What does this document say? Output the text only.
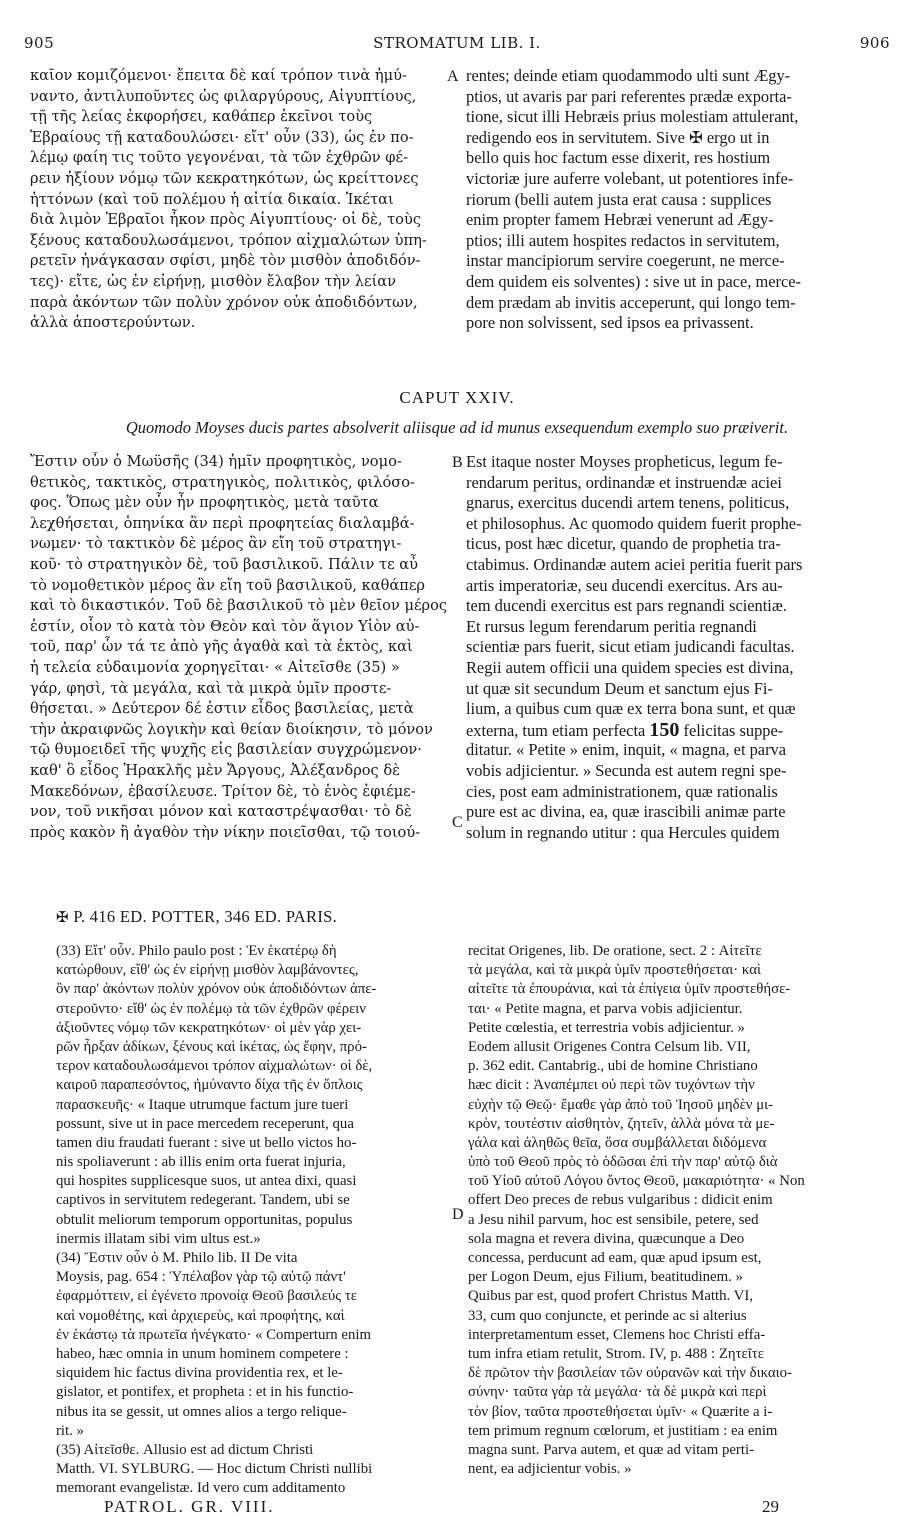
905	STROMATUM LIB. I.	906
καῖον κομιζόμενοι· ἔπειτα δὲ καί τρόπον τινὰ ἠμύ-
ναντο, ἀντιλυποῦντες ὡς φιλαργύρους, Αἰγυπτίους,
τῇ τῆς λείας ἐκφορήσει, καθάπερ ἐκεῖνοι τοὺς
Ἑβραίους τῇ καταδουλώσει· εἴτ' οὖν (33), ὡς ἐν πο-
λέμῳ φαίη τις τοῦτο γεγονέναι, τὰ τῶν ἐχθρῶν φέ-
ρειν ἠξίουν νόμῳ τῶν κεκρατηκότων, ὡς κρείττονες
ἡττόνων (καὶ τοῦ πολέμου ἡ αἰτία δικαία. Ἱκέται
διὰ λιμὸν Ἑβραῖοι ἧκον πρὸς Αἰγυπτίους· οἱ δὲ, τοὺς
ξένους καταδουλωσάμενοι, τρόπον αἰχμαλώτων ὑπη-
ρετεῖν ἠνάγκασαν σφίσι, μηδὲ τὸν μισθὸν ἀποδιδόν-
τες)· εἴτε, ὡς ἐν εἰρήνῃ, μισθὸν ἔλαβον τὴν λείαν
παρὰ ἀκόντων τῶν πολὺν χρόνον οὐκ ἀποδιδόντων,
ἀλλὰ ἀποστερούντων.
A rentes; deinde etiam quodammodo ulti sunt Ægy-
ptios, ut avaris par pari referentes prædæ exporta-
tione, sicut illi Hebræis prius molestiam attulerant,
redigendo eos in servitutem. Sive ✠ ergo ut in
bello quis hoc factum esse dixerit, res hostium
victoriæ jure auferre volebant, ut potentiores infe-
riorum (belli autem justa erat causa : supplices
enim propter famem Hebræi venerunt ad Ægy-
ptios; illi autem hospites redactos in servitutem,
instar mancipiorum servire coegerunt, ne merce-
dem quidem eis solventes) : sive ut in pace, merce-
dem prædam ab invitis acceperunt, qui longo tem-
pore non solvissent, sed ipsos ea privassent.
CAPUT XXIV.
Quomodo Moyses ducis partes absolverit aliisque ad id munus exsequendum exemplo suo præiverit.
Ἔστιν οὖν ὁ Μωϋσῆς (34) ἡμῖν προφητικὸς, νομο-
θετικὸς, τακτικὸς, στρατηγικὸς, πολιτικὸς, φιλόσο-
φος. Ὅπως μὲν οὖν ἦν προφητικὸς, μετὰ ταῦτα
λεχθήσεται, ὁπηνίκα ἂν περὶ προφητείας διαλαμβά-
νωμεν· τὸ τακτικὸν δὲ μέρος ἂν εἴη τοῦ στρατηγι-
κοῦ· τὸ στρατηγικὸν δὲ, τοῦ βασιλικοῦ. Πάλιν τε αὖ
τὸ νομοθετικὸν μέρος ἂν εἴη τοῦ βασιλικοῦ, καθάπερ
καὶ τὸ δικαστικόν. Τοῦ δὲ βασιλικοῦ τὸ μὲν θεῖον μέρος
ἐστίν, οἷον τὸ κατὰ τὸν Θεὸν καὶ τὸν ἅγιον Υἱὸν αὐ-
τοῦ, παρ' ὧν τά τε ἀπὸ γῆς ἀγαθὰ καὶ τὰ ἐκτὸς, καὶ
ἡ τελεία εὐδαιμονία χορηγεῖται· « Αἰτεῖσθε (35) »
γάρ, φησὶ, τὰ μεγάλα, καὶ τὰ μικρὰ ὑμῖν προστε-
θήσεται. » Δεύτερον δέ ἐστιν εἶδος βασιλείας, μετὰ
τὴν ἀκραιφνῶς λογικὴν καὶ θείαν διοίκησιν, τὸ μόνον
τῷ θυμοειδεῖ τῆς ψυχῆς εἰς βασιλείαν συγχρώμενον·
καθ' ὃ εἶδος Ἡρακλῆς μὲν Ἄργους, Ἀλέξανδρος δὲ
Μακεδόνων, ἐβασίλευσε. Τρίτον δὲ, τὸ ἑνὸς ἐφιέμε-
νον, τοῦ νικῆσαι μόνον καὶ καταστρέψασθαι· τὸ δὲ
πρὸς κακὸν ἢ ἀγαθὸν τὴν νίκην ποιεῖσθαι, τῷ τοιού-
B
C
Est itaque noster Moyses propheticus, legum fe-
rendarum peritus, ordinandæ et instruendæ aciei
gnarus, exercitus ducendi artem tenens, politicus,
et philosophus. Ac quomodo quidem fuerit prophe-
ticus, post hæc dicetur, quando de prophetia tra-
ctabimus. Ordinandæ autem aciei peritia fuerit pars
artis imperatoriæ, seu ducendi exercitus. Ars au-
tem ducendi exercitus est pars regnandi scientiæ.
Et rursus legum ferendarum peritia regnandi
scientiæ pars fuerit, sicut etiam judicandi facultas.
Regii autem officii una quidem species est divina,
ut quæ sit secundum Deum et sanctum ejus Fi-
lium, a quibus cum quæ ex terra bona sunt, et quæ
externa, tum etiam perfecta 150 felicitas suppe-
ditatur. « Petite » enim, inquit, « magna, et parva
vobis adjicientur. » Secunda est autem regni spe-
cies, post eam administrationem, quæ rationalis
pure est ac divina, ea, quæ irascibili animæ parte
solum in regnando utitur : qua Hercules quidem
✠ P. 416 ED. POTTER, 346 ED. PARIS.
(33) Εἴτ' οὖν. Philo paulo post : Ἐν ἑκατέρῳ δὴ
κατώρθουν, εἴθ' ὡς ἐν εἰρήνῃ μισθὸν λαμβάνοντες,
ὃν παρ' ἀκόντων πολὺν χρόνον οὐκ ἀποδιδόντων ἀπε-
στεροῦντο· εἴθ' ὡς ἐν πολέμῳ τὰ τῶν ἐχθρῶν φέρειν
ἀξιοῦντες νόμῳ τῶν κεκρατηκότων· οἱ μὲν γὰρ χει-
ρῶν ἦρξαν ἀδίκων, ξένους καὶ ἱκέτας, ὡς ἔφην, πρό-
τερον καταδουλωσάμενοι τρόπον αἰχμαλώτων· οἱ δὲ,
καιροῦ παραπεσόντος, ἠμύναντο δίχα τῆς ἐν ὅπλοις
παρασκευῆς· « Itaque utrumque factum jure tueri
possunt, sive ut in pace mercedem receperunt, qua
tamen diu fraudati fuerant : sive ut bello victos ho-
nis spoliaverunt : ab illis enim orta fuerat injuria,
qui hospites supplicesque suos, ut antea dixi, quasi
captivos in servitutem redegerant. Tandem, ubi se
obtulit meliorum temporum opportunitas, populus
inermis illatam sibi vim ultus est.»
(34) Ἔστιν οὖν ὁ Μ. Philo lib. II De vita
Moysis, pag. 654 : Ὑπέλαβον γὰρ τῷ αὐτῷ πάντ'
ἐφαρμόττειν, εἰ ἐγένετο προνοίᾳ Θεοῦ βασιλεύς τε
καὶ νομοθέτης, καὶ ἀρχιερεὺς, καὶ προφήτης, καὶ
ἐν ἑκάστῳ τὰ πρωτεῖα ἠνέγκατο· « Comperturn enim
habeo, hæc omnia in unum hominem competere :
siquidem hic factus divina providentia rex, et le-
gislator, et pontifex, et propheta : et in his functio-
nibus ita se gessit, ut omnes alios a tergo relique-
rit. »
(35) Αἰτεῖσθε. Allusio est ad dictum Christi
Matth. VI. SYLBURG. — Hoc dictum Christi nullibi
memorant evangelistæ. Id vero cum additamento
D
recitat Origenes, lib. De oratione, sect. 2 : Αἰτεῖτε
τὰ μεγάλα, καὶ τὰ μικρὰ ὑμῖν προστεθήσεται· καὶ
αἰτεῖτε τὰ ἐπουράνια, καὶ τὰ ἐπίγεια ὑμῖν προστεθήσε-
ται· « Petite magna, et parva vobis adjicientur.
Petite cœlestia, et terrestria vobis adjicientur. »
Eodem allusit Origenes Contra Celsum lib. VII,
p. 362 edit. Cantabrig., ubi de homine Christiano
hæc dicit : Ἀναπέμπει οὐ περὶ τῶν τυχόντων τὴν
εὐχὴν τῷ Θεῷ· ἔμαθε γὰρ ἀπὸ τοῦ Ἰησοῦ μηδὲν μι-
κρὸν, τουτέστιν αἰσθητὸν, ζητεῖν, ἀλλὰ μόνα τὰ με-
γάλα καὶ ἀληθῶς θεῖα, ὅσα συμβάλλεται διδόμενα
ὑπὸ τοῦ Θεοῦ πρὸς τὸ ὁδῶσαι ἐπὶ τὴν παρ' αὐτῷ διὰ
τοῦ Υἱοῦ αὐτοῦ Λόγου ὄντος Θεοῦ, μακαριότητα· « Non
offert Deo preces de rebus vulgaribus : didicit enim
a Jesu nihil parvum, hoc est sensibile, petere, sed
sola magna et revera divina, quæcunque a Deo
concessa, perducunt ad eam, quæ apud ipsum est,
per Logon Deum, ejus Filium, beatitudinem. »
Quibus par est, quod profert Christus Matth. VI,
33, cum quo conjuncte, et perinde ac si alterius
interpretamentum esset, Clemens hoc Christi effa-
tum infra etiam retulit, Strom. IV, p. 488 : Ζητεῖτε
δὲ πρῶτον τὴν βασιλείαν τῶν οὐρανῶν καὶ τὴν δικαιο-
σύνην· ταῦτα γὰρ τὰ μεγάλα· τὰ δὲ μικρὰ καὶ περὶ
τὸν βίον, ταῦτα προστεθήσεται ὑμῖν· « Quærite a i-
tem primum regnum cœlorum, et justitiam : ea enim
magna sunt. Parva autem, et quæ ad vitam perti-
nent, ea adjicientur vobis. »
PATROL. GR. VIII.	29
